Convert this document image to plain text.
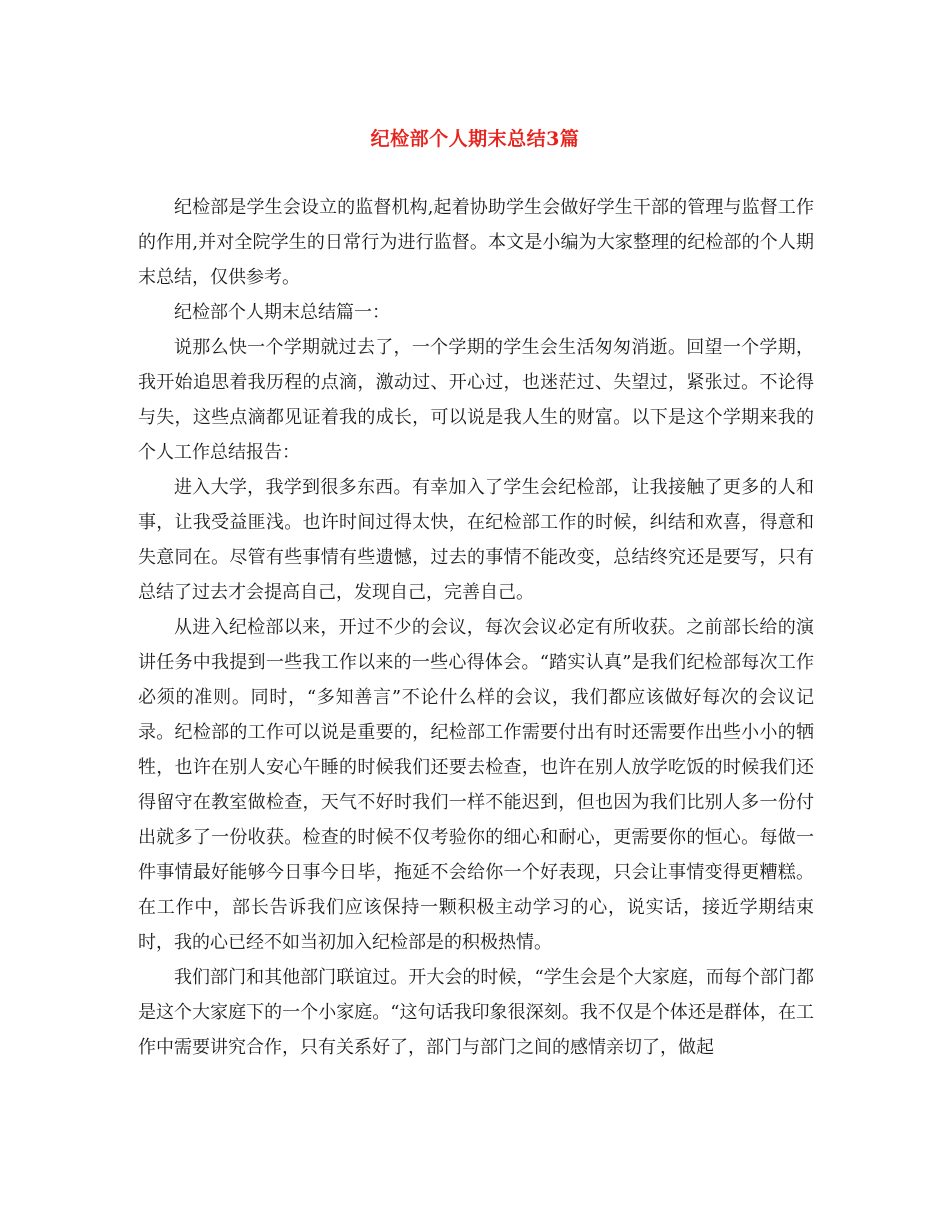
纪检部个人期末总结3篇

纪检部是学生会设立的监督机构,起着协助学生会做好学生干部的管理与监督工作的作用,并对全院学生的日常行为进行监督。本文是小编为大家整理的纪检部的个人期末总结，仅供参考。

纪检部个人期末总结篇一：

说那么快一个学期就过去了，一个学期的学生会生活匆匆消逝。回望一个学期，我开始追思着我历程的点滴，激动过、开心过，也迷茫过、失望过，紧张过。不论得与失，这些点滴都见证着我的成长，可以说是我人生的财富。以下是这个学期来我的个人工作总结报告：

进入大学，我学到很多东西。有幸加入了学生会纪检部，让我接触了更多的人和事，让我受益匪浅。也许时间过得太快，在纪检部工作的时候，纠结和欢喜，得意和失意同在。尽管有些事情有些遗憾，过去的事情不能改变，总结终究还是要写，只有总结了过去才会提高自己，发现自己，完善自己。

从进入纪检部以来，开过不少的会议，每次会议必定有所收获。之前部长给的演讲任务中我提到一些我工作以来的一些心得体会。“踏实认真”是我们纪检部每次工作必须的准则。同时，“多知善言”不论什么样的会议，我们都应该做好每次的会议记录。纪检部的工作可以说是重要的，纪检部工作需要付出有时还需要作出些小小的牺牲，也许在别人安心午睡的时候我们还要去检查，也许在别人放学吃饭的时候我们还得留守在教室做检查，天气不好时我们一样不能迟到，但也因为我们比别人多一份付出就多了一份收获。检查的时候不仅考验你的细心和耐心，更需要你的恒心。每做一件事情最好能够今日事今日毕，拖延不会给你一个好表现，只会让事情变得更糟糕。在工作中，部长告诉我们应该保持一颗积极主动学习的心，说实话，接近学期结束时，我的心已经不如当初加入纪检部是的积极热情。

我们部门和其他部门联谊过。开大会的时候，“学生会是个大家庭，而每个部门都是这个大家庭下的一个小家庭。“这句话我印象很深刻。我不仅是个体还是群体，在工作中需要讲究合作，只有关系好了，部门与部门之间的感情亲切了，做起
